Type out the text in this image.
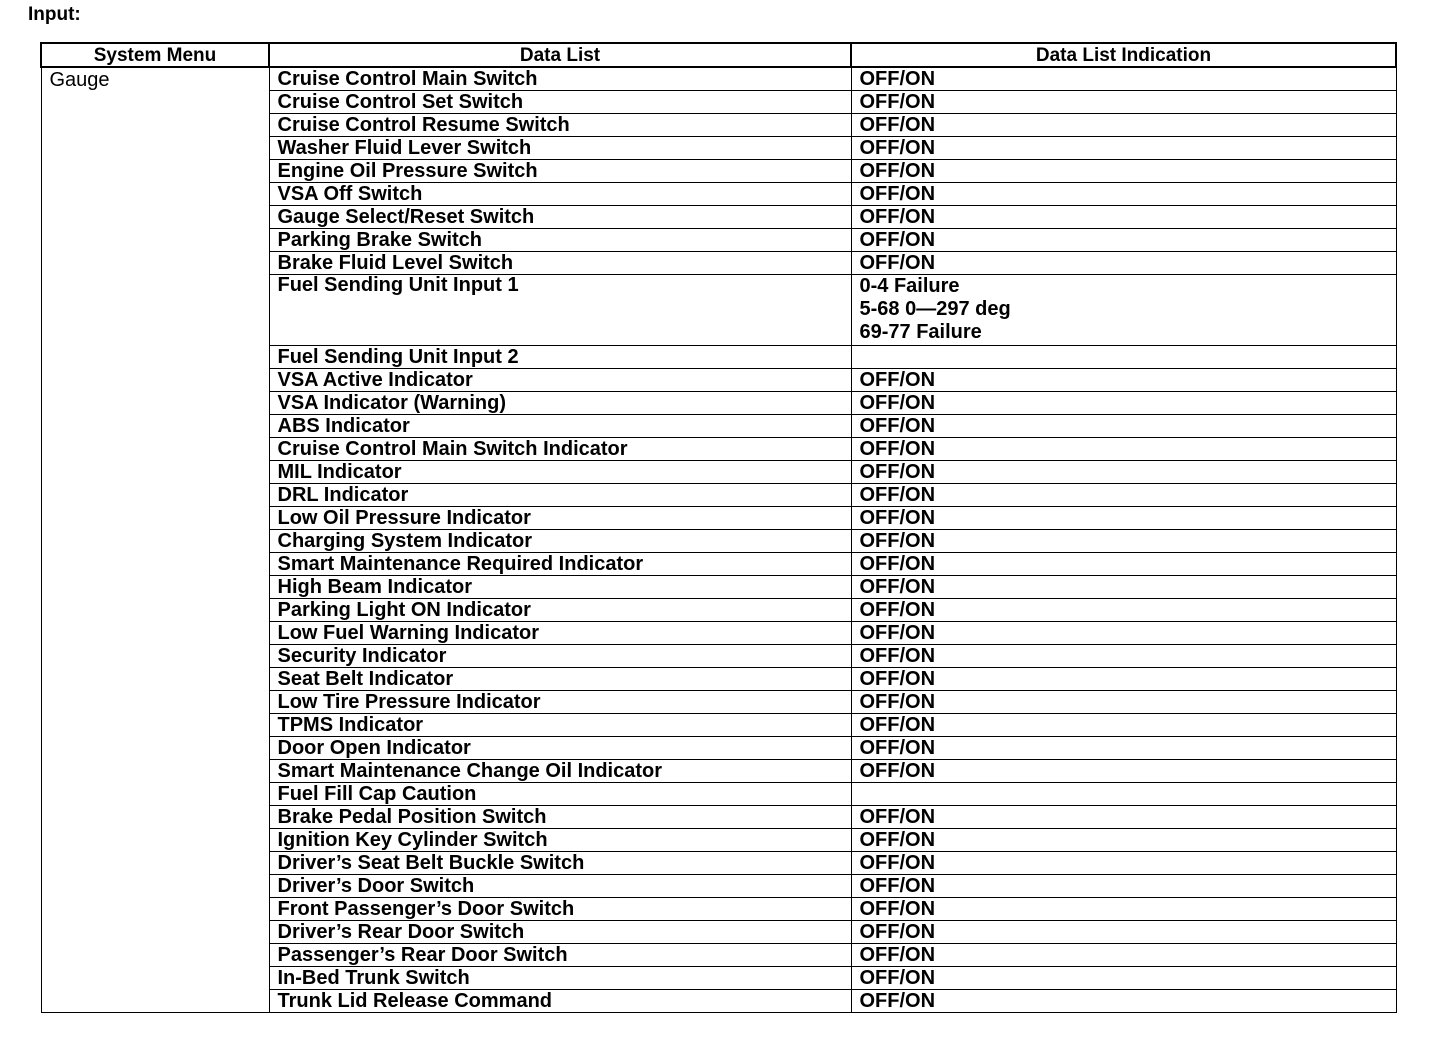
Input:
System Menu	Data List	Data List Indication
Gauge	Cruise Control Main Switch	OFF/ON
	Cruise Control Set Switch	OFF/ON
	Cruise Control Resume Switch	OFF/ON
	Washer Fluid Lever Switch	OFF/ON
	Engine Oil Pressure Switch	OFF/ON
	VSA Off Switch	OFF/ON
	Gauge Select/Reset Switch	OFF/ON
	Parking Brake Switch	OFF/ON
	Brake Fluid Level Switch	OFF/ON
	Fuel Sending Unit Input 1	0-4 Failure
5-68 0—297 deg
69-77 Failure

	Fuel Sending Unit Input 2	
	VSA Active Indicator	OFF/ON
	VSA Indicator (Warning)	OFF/ON
	ABS Indicator	OFF/ON
	Cruise Control Main Switch Indicator	OFF/ON
	MIL Indicator	OFF/ON
	DRL Indicator	OFF/ON
	Low Oil Pressure Indicator	OFF/ON
	Charging System Indicator	OFF/ON
	Smart Maintenance Required Indicator	OFF/ON
	High Beam Indicator	OFF/ON
	Parking Light ON Indicator	OFF/ON
	Low Fuel Warning Indicator	OFF/ON
	Security Indicator	OFF/ON
	Seat Belt Indicator	OFF/ON
	Low Tire Pressure Indicator	OFF/ON
	TPMS Indicator	OFF/ON
	Door Open Indicator	OFF/ON
	Smart Maintenance Change Oil Indicator	OFF/ON
	Fuel Fill Cap Caution	
	Brake Pedal Position Switch	OFF/ON
	Ignition Key Cylinder Switch	OFF/ON
	Driver’s Seat Belt Buckle Switch	OFF/ON
	Driver’s Door Switch	OFF/ON
	Front Passenger’s Door Switch	OFF/ON
	Driver’s Rear Door Switch	OFF/ON
	Passenger’s Rear Door Switch	OFF/ON
	In-Bed Trunk Switch	OFF/ON
	Trunk Lid Release Command	OFF/ON
